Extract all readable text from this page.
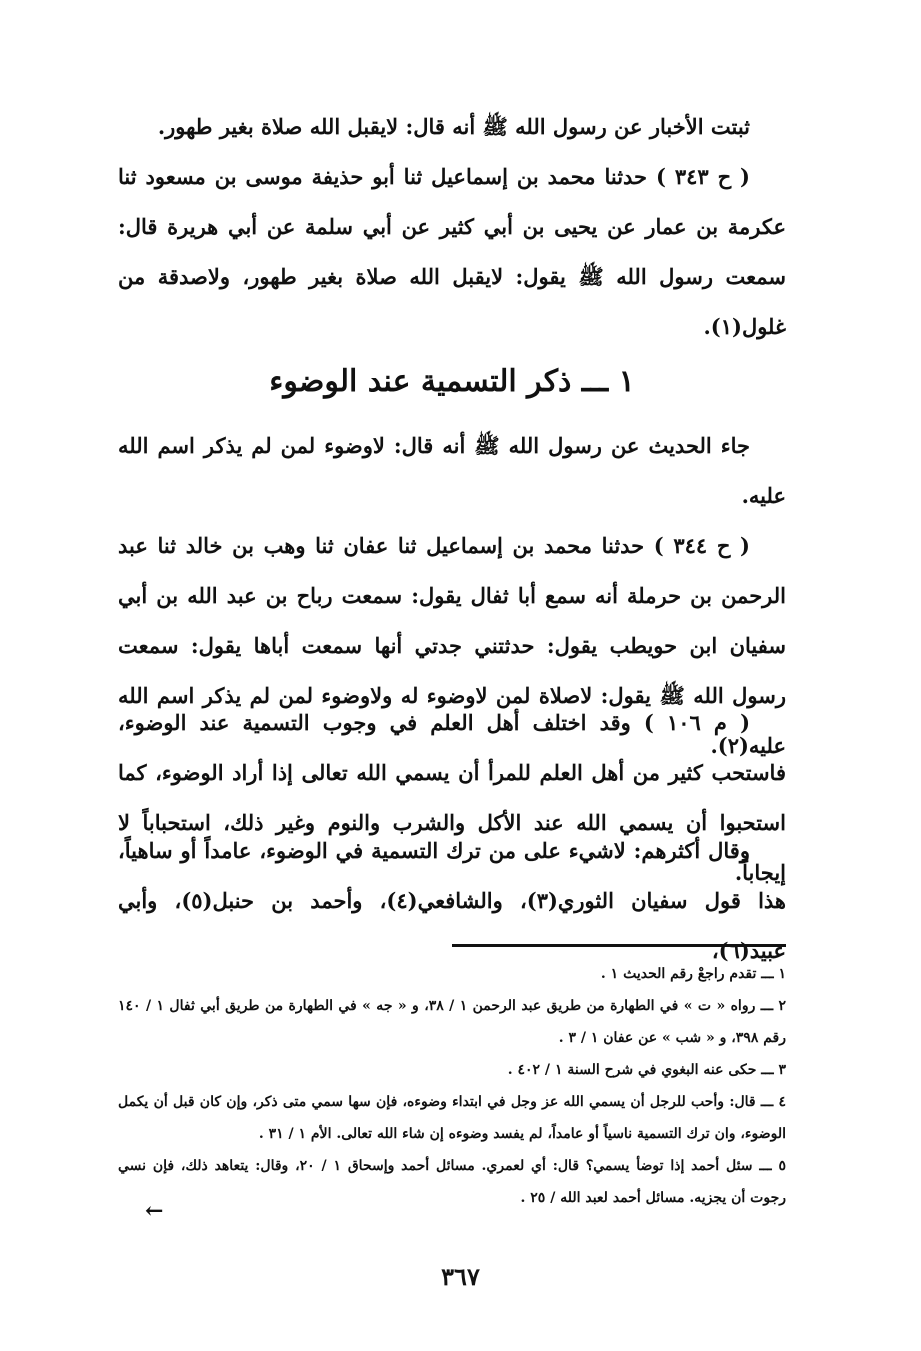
ثبتت الأخبار عن رسول الله ﷺ أنه قال: لايقبل الله صلاة بغير طهور.

( ح ٣٤٣ ) حدثنا محمد بن إسماعيل ثنا أبو حذيفة موسى بن مسعود ثنا عكرمة بن عمار عن يحيى بن أبي كثير عن أبي سلمة عن أبي هريرة قال: سمعت رسول الله ﷺ يقول: لايقبل الله صلاة بغير طهور، ولاصدقة من غلول(١).

١ ـــ ذكر التسمية عند الوضوء

جاء الحديث عن رسول الله ﷺ أنه قال: لاوضوء لمن لم يذكر اسم الله عليه.

( ح ٣٤٤ ) حدثنا محمد بن إسماعيل ثنا عفان ثنا وهب بن خالد ثنا عبد الرحمن بن حرملة أنه سمع أبا ثفال يقول: سمعت رباح بن عبد الله بن أبي سفيان ابن حويطب يقول: حدثتني جدتي أنها سمعت أباها يقول: سمعت رسول الله ﷺ يقول: لاصلاة لمن لاوضوء له ولاوضوء لمن لم يذكر اسم الله عليه(٢).

( م ١٠٦ ) وقد اختلف أهل العلم في وجوب التسمية عند الوضوء، فاستحب كثير من أهل العلم للمرأ أن يسمي الله تعالى إذا أراد الوضوء، كما استحبوا أن يسمي الله عند الأكل والشرب والنوم وغير ذلك، استحباباً لا إيجاباً.

وقال أكثرهم: لاشيء على من ترك التسمية في الوضوء، عامداً أو ساهياً، هذا قول سفيان الثوري(٣)، والشافعي(٤)، وأحمد بن حنبل(٥)، وأبي عبيد(٦)،

١ ـــ تقدم راجعْ رقم الحديث ١ .

٢ ـــ رواه « ت » في الطهارة من طريق عبد الرحمن ١ / ٣٨، و « جه » في الطهارة من طريق أبي ثفال ١ / ١٤٠ رقم ٣٩٨، و « شب » عن عفان ١ / ٣ .

٣ ـــ حكى عنه البغوي في شرح السنة ١ / ٤٠٢ .

٤ ـــ قال: وأحب للرجل أن يسمي الله عز وجل في ابتداء وضوءه، فإن سها سمي متى ذكر، وإن كان قبل أن يكمل الوضوء، وان ترك التسمية ناسياً أو عامداً، لم يفسد وضوءه إن شاء الله تعالى. الأم ١ / ٣١ .

٥ ـــ سئل أحمد إذا توضأ يسمي؟ قال: أي لعمري. مسائل أحمد وإسحاق ١ / ٢٠، وقال: يتعاهد ذلك، فإن نسي رجوت أن يجزيه. مسائل أحمد لعبد الله / ٢٥ .

←
٣٦٧
